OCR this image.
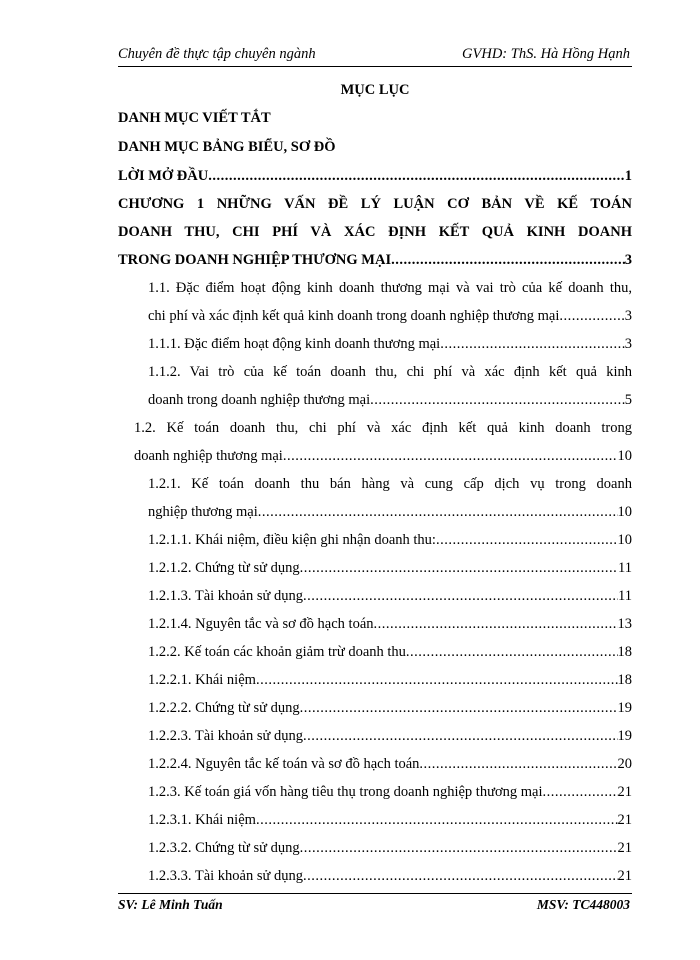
Chuyên đề thực tập chuyên ngành	GVHD: ThS. Hà Hồng Hạnh
MỤC LỤC
DANH MỤC VIẾT TẮT
DANH MỤC BẢNG BIỂU, SƠ ĐỒ
LỜI MỞ ĐẦU .....	1
CHƯƠNG 1 NHỮNG VẤN ĐỀ LÝ LUẬN CƠ BẢN VỀ KẾ TOÁN
DOANH THU, CHI PHÍ VÀ XÁC ĐỊNH KẾT QUẢ KINH DOANH
TRONG DOANH NGHIỆP THƯƠNG MẠI .....	3
1.1. Đặc điểm hoạt động kinh doanh thương mại và vai trò của kế doanh thu,
chi phí và xác định kết quả kinh doanh trong doanh nghiệp thương mại .....	3
1.1.1. Đặc điểm hoạt động kinh doanh thương mại .....	3
1.1.2. Vai trò của kế toán doanh thu, chi phí và xác định kết quả kinh
doanh trong doanh nghiệp thương mại .....	5
1.2. Kế toán doanh thu, chi phí và xác định kết quả kinh doanh trong
doanh nghiệp thương mại .....	10
1.2.1. Kế toán doanh thu bán hàng và cung cấp dịch vụ trong doanh
nghiệp thương mại .....	10
1.2.1.1. Khái niệm, điều kiện ghi nhận doanh thu: .....	10
1.2.1.2. Chứng từ sử dụng .....	11
1.2.1.3. Tài khoản sử dụng .....	11
1.2.1.4. Nguyên tắc và sơ đồ hạch toán .....	13
1.2.2. Kế toán các khoản giảm trừ doanh thu .....	18
1.2.2.1. Khái niệm .....	18
1.2.2.2. Chứng từ sử dụng .....	19
1.2.2.3. Tài khoản sử dụng .....	19
1.2.2.4. Nguyên tắc kế toán và sơ đồ hạch toán .....	20
1.2.3. Kế toán giá vốn hàng tiêu thụ trong doanh nghiệp thương mại .....	21
1.2.3.1. Khái niệm .....	21
1.2.3.2. Chứng từ sử dụng .....	21
1.2.3.3. Tài khoản sử dụng .....	21
SV: Lê Minh Tuấn	MSV: TC448003
